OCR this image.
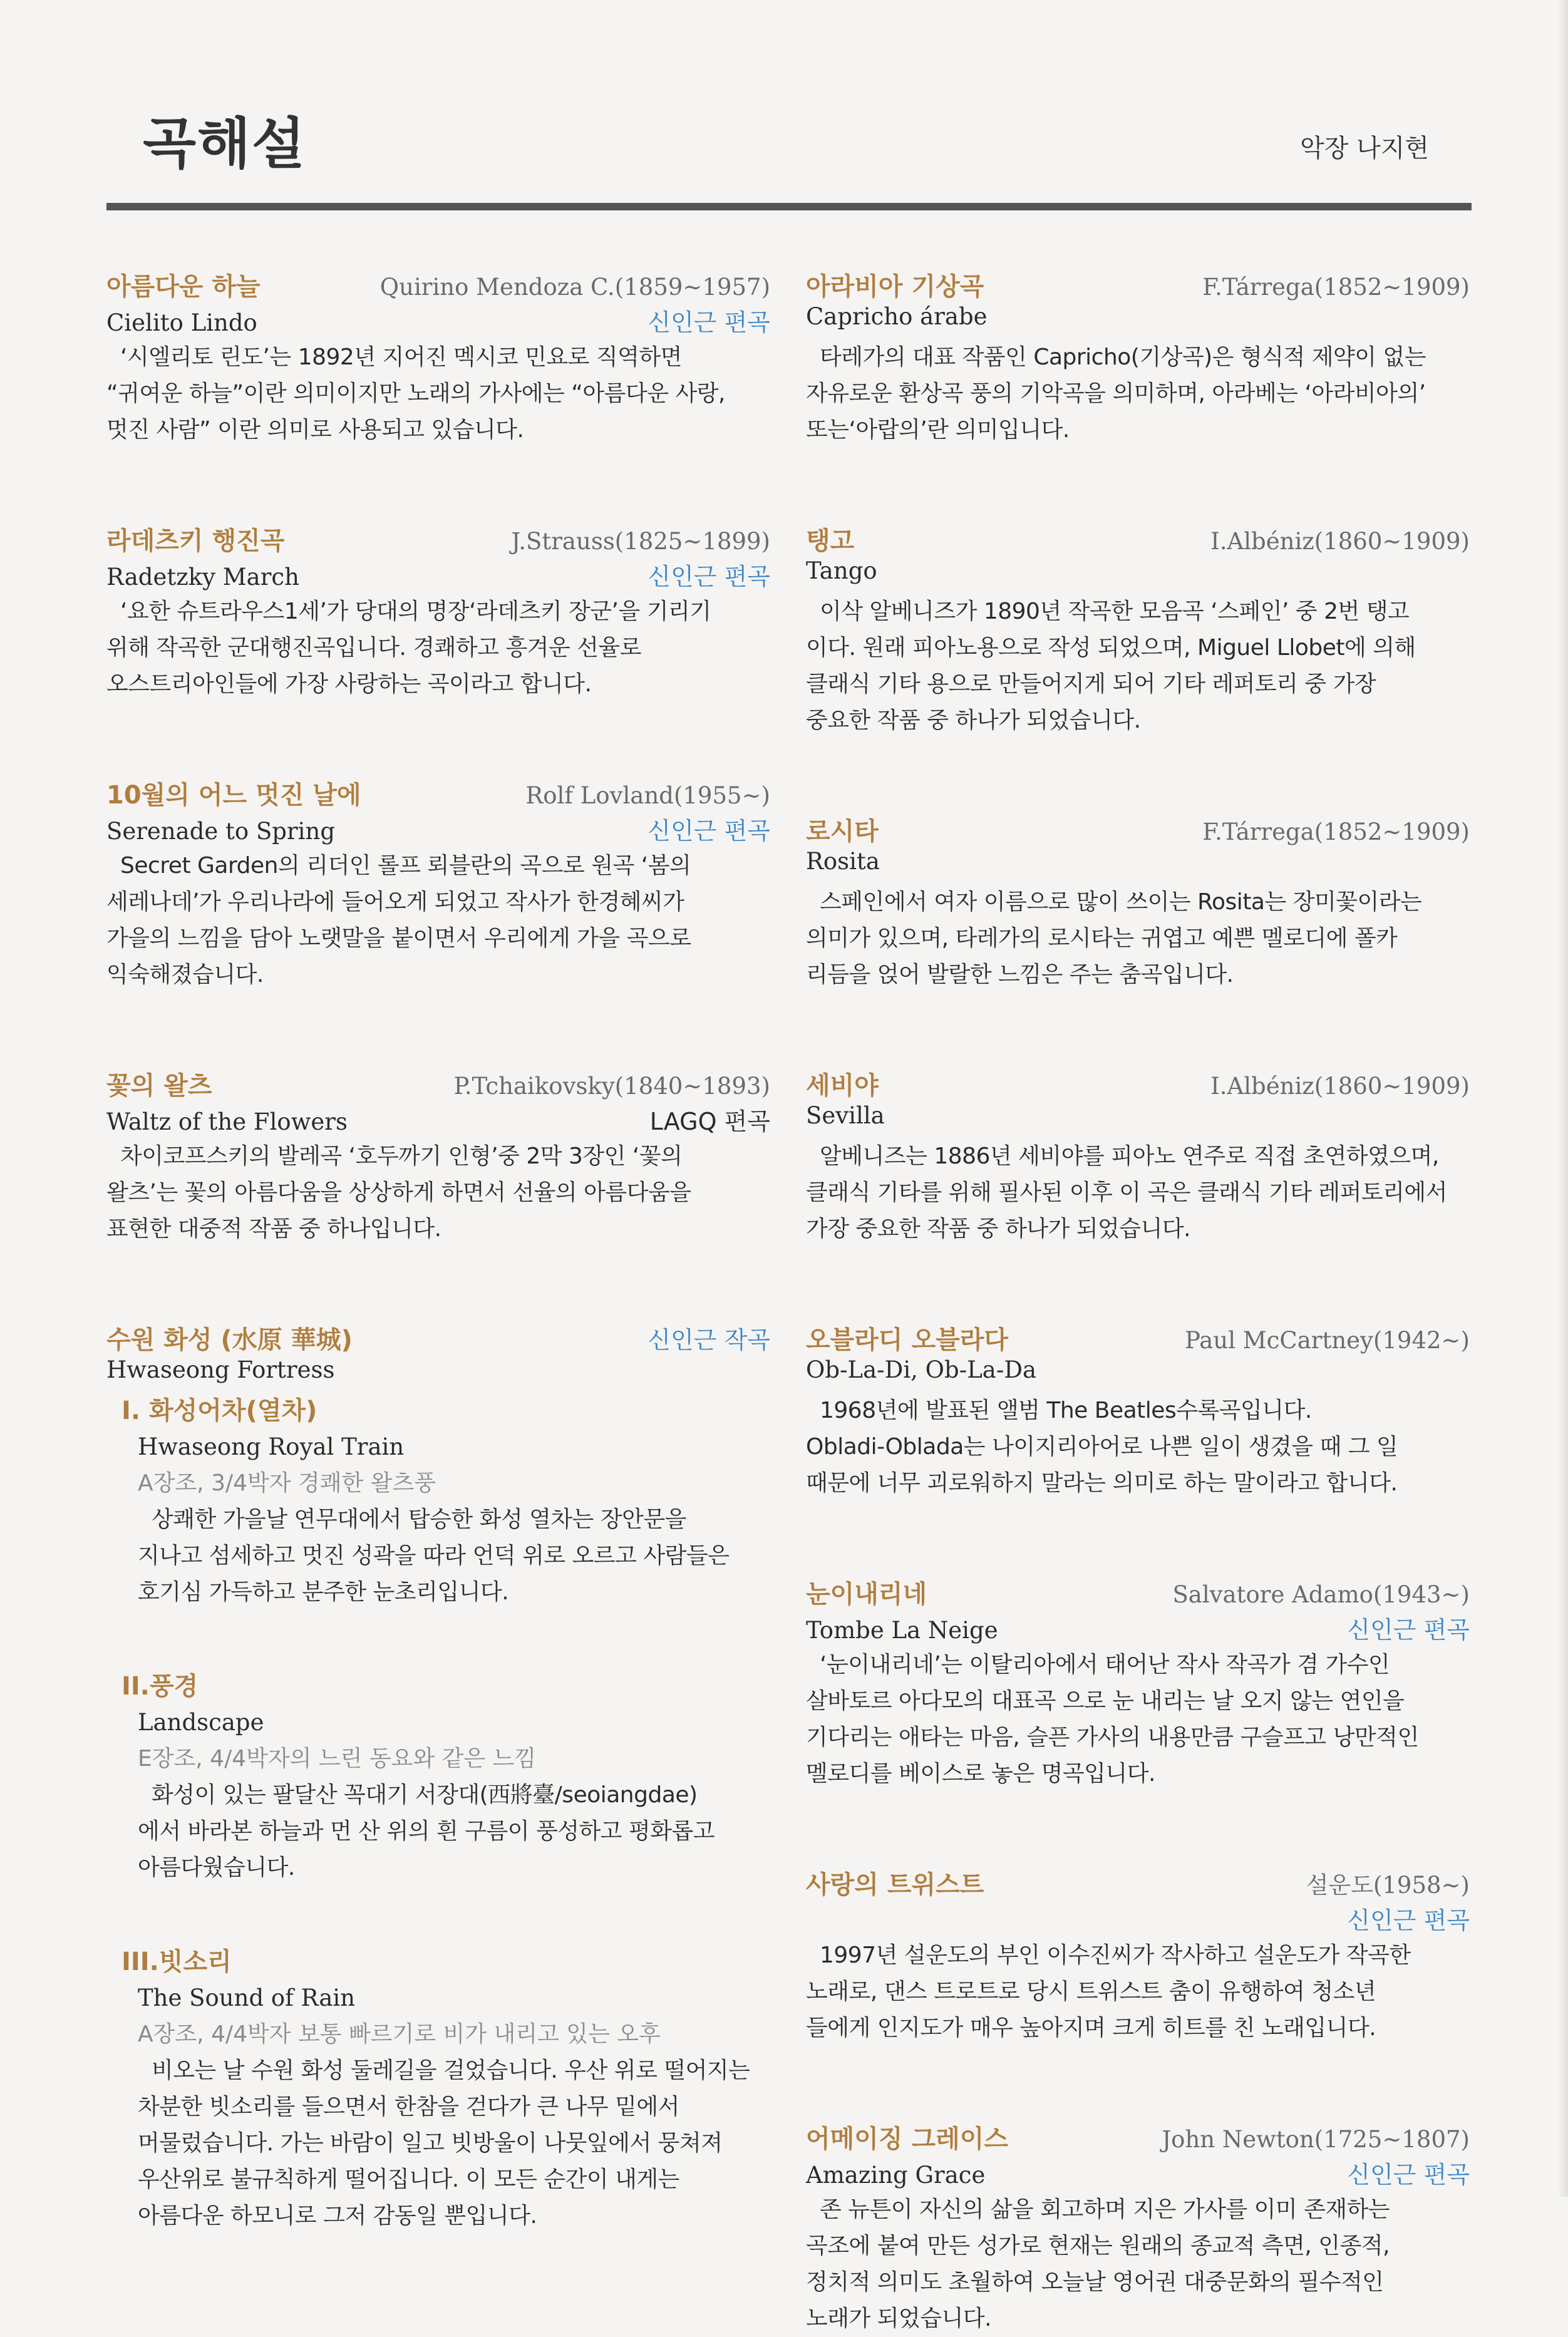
곡해설	악장 나지현
아름다운 하늘	Quirino Mendoza C.(1859~1957)
Cielito Lindo	신인근 편곡

‘시엘리토 린도’는 1892년 지어진 멕시코 민요로 직역하면
“귀여운 하늘”이란 의미이지만 노래의 가사에는 “아름다운 사랑,
멋진 사람” 이란 의미로 사용되고 있습니다.

라데츠키 행진곡	J.Strauss(1825~1899)
Radetzky March	신인근 편곡

‘요한 슈트라우스1세’가 당대의 명장‘라데츠키 장군’을 기리기
위해 작곡한 군대행진곡입니다. 경쾌하고 흥겨운 선율로
오스트리아인들에 가장 사랑하는 곡이라고 합니다.

10월의 어느 멋진 날에	Rolf Lovland(1955~)
Serenade to Spring	신인근 편곡

Secret Garden의 리더인 롤프 뢰블란의 곡으로 원곡 ‘봄의
세레나데’가 우리나라에 들어오게 되었고 작사가 한경혜씨가
가을의 느낌을 담아 노랫말을 붙이면서 우리에게 가을 곡으로
익숙해졌습니다.

꽃의 왈츠	P.Tchaikovsky(1840~1893)
Waltz of the Flowers	LAGQ 편곡

차이코프스키의 발레곡 ‘호두까기 인형’중 2막 3장인 ‘꽃의
왈츠’는 꽃의 아름다움을 상상하게 하면서 선율의 아름다움을
표현한 대중적 작품 중 하나입니다.

수원 화성 (水原 華城)	신인근 작곡
Hwaseong Fortress
I. 화성어차(열차)
Hwaseong Royal Train
A장조, 3/4박자 경쾌한 왈츠풍

상쾌한 가을날 연무대에서 탑승한 화성 열차는 장안문을
지나고 섬세하고 멋진 성곽을 따라 언덕 위로 오르고 사람들은
호기심 가득하고 분주한 눈초리입니다.

II.풍경
Landscape
E장조, 4/4박자의 느린 동요와 같은 느낌

화성이 있는 팔달산 꼭대기 서장대(西將臺/seoiangdae)
에서 바라본 하늘과 먼 산 위의 흰 구름이 풍성하고 평화롭고
아름다웠습니다.

III.빗소리
The Sound of Rain
A장조, 4/4박자 보통 빠르기로 비가 내리고 있는 오후

비오는 날 수원 화성 둘레길을 걸었습니다. 우산 위로 떨어지는
차분한 빗소리를 들으면서 한참을 걷다가 큰 나무 밑에서
머물렀습니다. 가는 바람이 일고 빗방울이 나뭇잎에서 뭉쳐져
우산위로 불규칙하게 떨어집니다. 이 모든 순간이 내게는
아름다운 하모니로 그저 감동일 뿐입니다.

아라비아 기상곡	F.Tárrega(1852~1909)
Capricho árabe

타레가의 대표 작품인 Capricho(기상곡)은 형식적 제약이 없는
자유로운 환상곡 풍의 기악곡을 의미하며, 아라베는 ‘아라비아의’
또는‘아랍의’란 의미입니다.

탱고	I.Albéniz(1860~1909)
Tango

이삭 알베니즈가 1890년 작곡한 모음곡 ‘스페인’ 중 2번 탱고
이다. 원래 피아노용으로 작성 되었으며, Miguel Llobet에 의해
클래식 기타 용으로 만들어지게 되어 기타 레퍼토리 중 가장
중요한 작품 중 하나가 되었습니다.

로시타	F.Tárrega(1852~1909)
Rosita

스페인에서 여자 이름으로 많이 쓰이는 Rosita는 장미꽃이라는
의미가 있으며, 타레가의 로시타는 귀엽고 예쁜 멜로디에 폴카
리듬을 얹어 발랄한 느낌은 주는 춤곡입니다.

세비야	I.Albéniz(1860~1909)
Sevilla

알베니즈는 1886년 세비야를 피아노 연주로 직접 초연하였으며,
클래식 기타를 위해 필사된 이후 이 곡은 클래식 기타 레퍼토리에서
가장 중요한 작품 중 하나가 되었습니다.

오블라디 오블라다	Paul McCartney(1942~)
Ob-La-Di, Ob-La-Da

1968년에 발표된 앨범 The Beatles수록곡입니다.
Obladi-Oblada는 나이지리아어로 나쁜 일이 생겼을 때 그 일
때문에 너무 괴로워하지 말라는 의미로 하는 말이라고 합니다.

눈이내리네	Salvatore Adamo(1943~)
Tombe La Neige	신인근 편곡

‘눈이내리네’는 이탈리아에서 태어난 작사 작곡가 겸 가수인
살바토르 아다모의 대표곡 으로 눈 내리는 날 오지 않는 연인을
기다리는 애타는 마음, 슬픈 가사의 내용만큼 구슬프고 낭만적인
멜로디를 베이스로 놓은 명곡입니다.

사랑의 트위스트	설운도(1958~)
신인근 편곡

1997년 설운도의 부인 이수진씨가 작사하고 설운도가 작곡한
노래로, 댄스 트로트로 당시 트위스트 춤이 유행하여 청소년
들에게 인지도가 매우 높아지며 크게 히트를 친 노래입니다.

어메이징 그레이스	John Newton(1725~1807)
Amazing Grace	신인근 편곡

존 뉴튼이 자신의 삶을 회고하며 지은 가사를 이미 존재하는
곡조에 붙여 만든 성가로 현재는 원래의 종교적 측면, 인종적,
정치적 의미도 초월하여 오늘날 영어권 대중문화의 필수적인
노래가 되었습니다.
